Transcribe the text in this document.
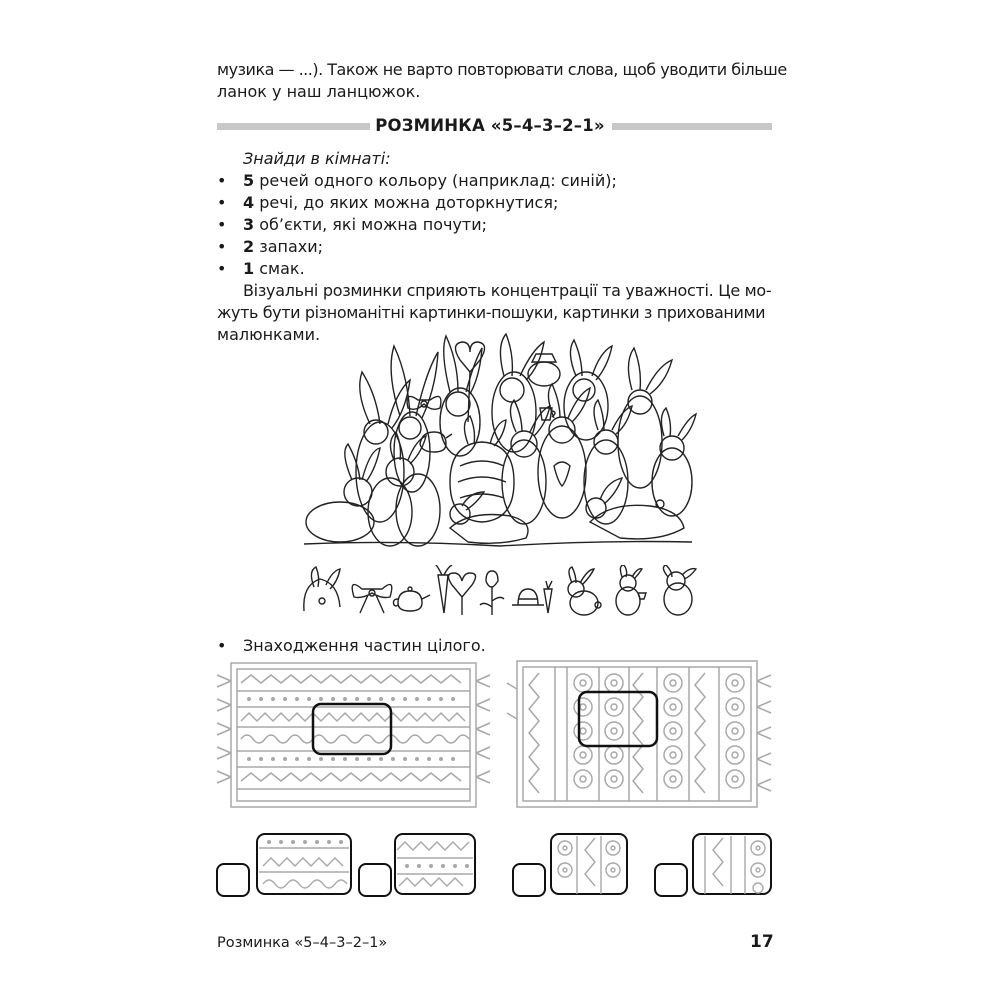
музика — ...). Також не варто повторювати слова, щоб уводити більше
ланок у наш ланцюжок.
РОЗМИНКА «5–4–3–2–1»
Знайди в кімнаті:
• 5 речей одного кольору (наприклад: синій);
• 4 речі, до яких можна доторкнутися;
• 3 об’єкти, які можна почути;
• 2 запахи;
• 1 смак.
Візуальні розминки сприяють концентрації та уважності. Це мо-
жуть бути різноманітні картинки-пошуки, картинки з прихованими
малюнками.
• Знаходження частин цілого.
Розминка «5–4–3–2–1»	17
